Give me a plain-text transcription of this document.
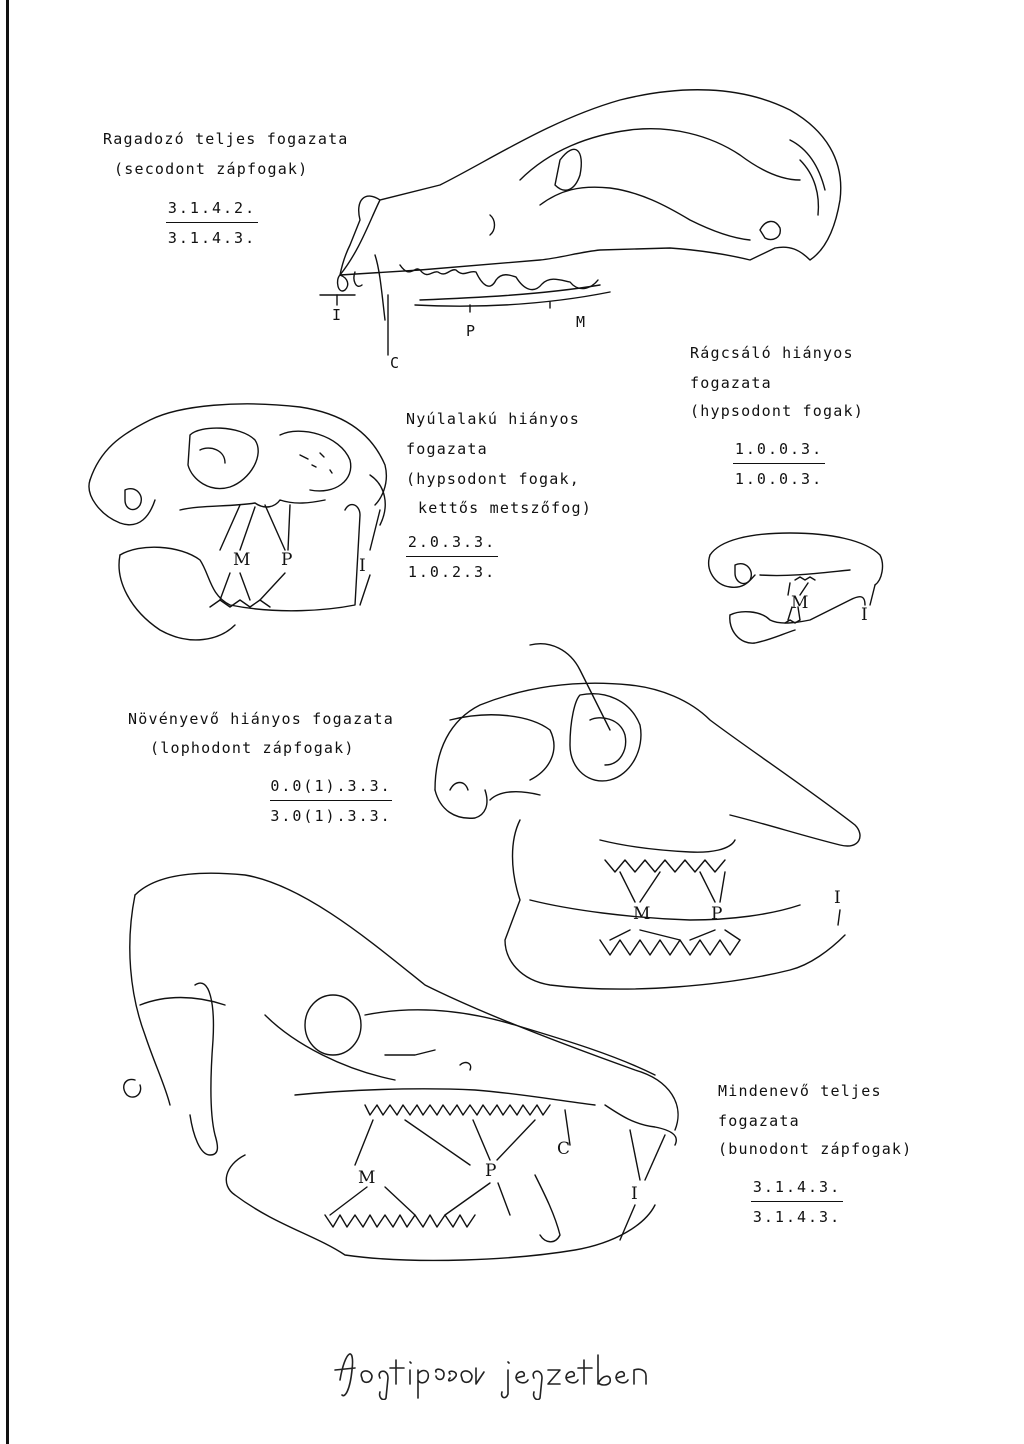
Ragadozó teljes fogazata
(secodont zápfogak)
$\frac{3.1.4.2.}{3.1.4.3.}$
I
C
P	M
Nyúlalakú hiányos
fogazata
(hypsodont fogak,
kettős metszőfog)
$\frac{2.0.3.3.}{1.0.2.3.}$
M P	I
Rágcsáló hiányos
fogazata
(hypsodont fogak)
$\frac{1.0.0.3.}{1.0.0.3.}$
M
I
Növényevő hiányos fogazata
(lophodont zápfogak)
$\frac{0.0(1).3.3.}{3.0(1).3.3.}$
M	P
I
Mindenevő teljes
fogazata
(bunodont zápfogak)
$\frac{3.1.4.3.}{3.1.4.3.}$
M	P
C
I
